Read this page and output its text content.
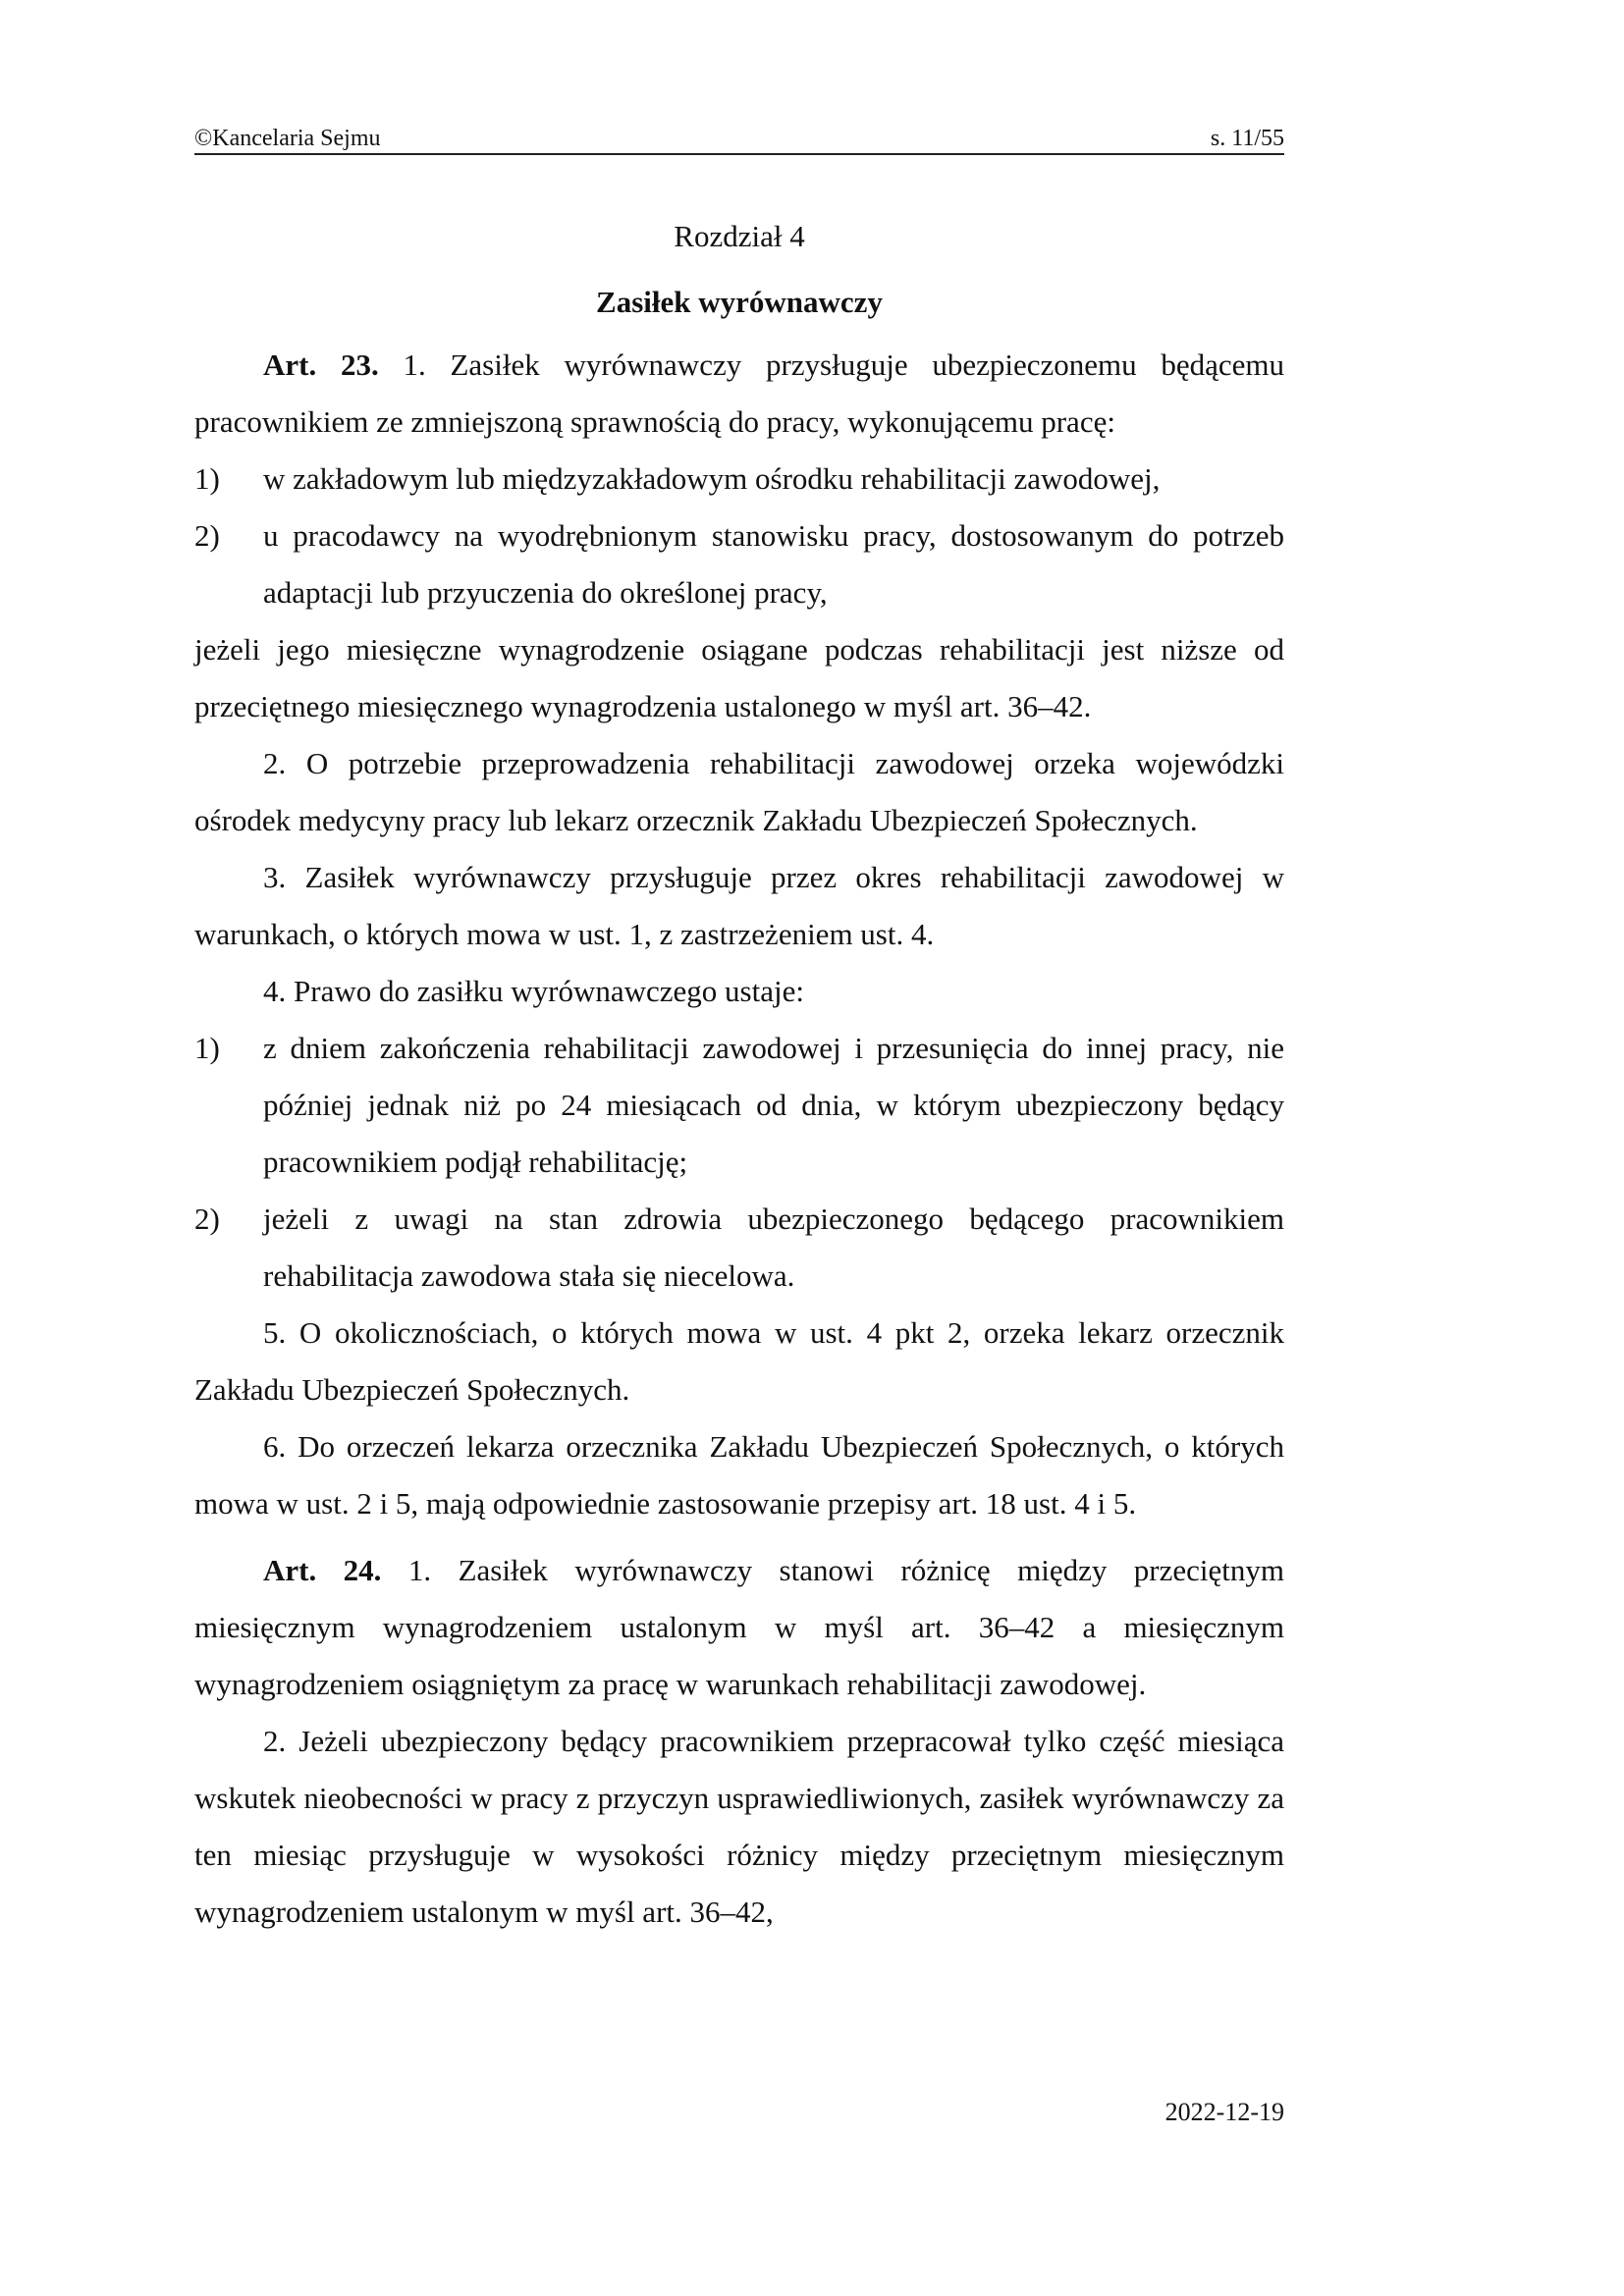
©Kancelaria Sejmu	s. 11/55
Rozdział 4
Zasiłek wyrównawczy
Art. 23. 1. Zasiłek wyrównawczy przysługuje ubezpieczonemu będącemu pracownikiem ze zmniejszoną sprawnością do pracy, wykonującemu pracę:
1)	w zakładowym lub międzyzakładowym ośrodku rehabilitacji zawodowej,
2)	u pracodawcy na wyodrębnionym stanowisku pracy, dostosowanym do potrzeb adaptacji lub przyuczenia do określonej pracy,
jeżeli jego miesięczne wynagrodzenie osiągane podczas rehabilitacji jest niższe od przeciętnego miesięcznego wynagrodzenia ustalonego w myśl art. 36–42.
2. O potrzebie przeprowadzenia rehabilitacji zawodowej orzeka wojewódzki ośrodek medycyny pracy lub lekarz orzecznik Zakładu Ubezpieczeń Społecznych.
3. Zasiłek wyrównawczy przysługuje przez okres rehabilitacji zawodowej w warunkach, o których mowa w ust. 1, z zastrzeżeniem ust. 4.
4. Prawo do zasiłku wyrównawczego ustaje:
1)	z dniem zakończenia rehabilitacji zawodowej i przesunięcia do innej pracy, nie później jednak niż po 24 miesiącach od dnia, w którym ubezpieczony będący pracownikiem podjął rehabilitację;
2)	jeżeli z uwagi na stan zdrowia ubezpieczonego będącego pracownikiem rehabilitacja zawodowa stała się niecelowa.
5. O okolicznościach, o których mowa w ust. 4 pkt 2, orzeka lekarz orzecznik Zakładu Ubezpieczeń Społecznych.
6. Do orzeczeń lekarza orzecznika Zakładu Ubezpieczeń Społecznych, o których mowa w ust. 2 i 5, mają odpowiednie zastosowanie przepisy art. 18 ust. 4 i 5.
Art. 24. 1. Zasiłek wyrównawczy stanowi różnicę między przeciętnym miesięcznym wynagrodzeniem ustalonym w myśl art. 36–42 a miesięcznym wynagrodzeniem osiągniętym za pracę w warunkach rehabilitacji zawodowej.
2. Jeżeli ubezpieczony będący pracownikiem przepracował tylko część miesiąca wskutek nieobecności w pracy z przyczyn usprawiedliwionych, zasiłek wyrównawczy za ten miesiąc przysługuje w wysokości różnicy między przeciętnym miesięcznym wynagrodzeniem ustalonym w myśl art. 36–42,
2022-12-19
